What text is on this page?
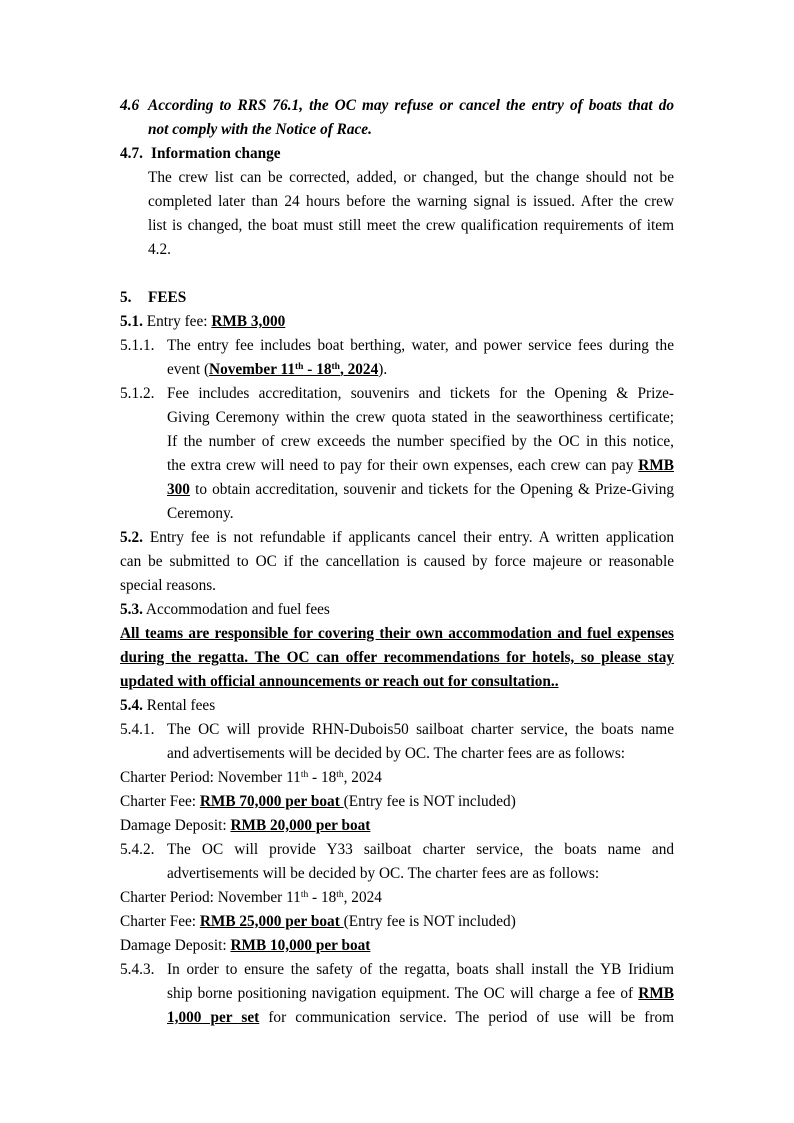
4.6 According to RRS 76.1, the OC may refuse or cancel the entry of boats that do
not comply with the Notice of Race.
4.7. Information change
The crew list can be corrected, added, or changed, but the change should not be
completed later than 24 hours before the warning signal is issued. After the crew
list is changed, the boat must still meet the crew qualification requirements of item
4.2.
5. FEES
5.1. Entry fee: RMB 3,000
5.1.1. The entry fee includes boat berthing, water, and power service fees during the
event (November 11th - 18th, 2024).
5.1.2. Fee includes accreditation, souvenirs and tickets for the Opening & Prize-
Giving Ceremony within the crew quota stated in the seaworthiness certificate;
If the number of crew exceeds the number specified by the OC in this notice,
the extra crew will need to pay for their own expenses, each crew can pay RMB
300 to obtain accreditation, souvenir and tickets for the Opening & Prize-Giving
Ceremony.
5.2. Entry fee is not refundable if applicants cancel their entry. A written application
can be submitted to OC if the cancellation is caused by force majeure or reasonable
special reasons.
5.3. Accommodation and fuel fees
All teams are responsible for covering their own accommodation and fuel expenses
during the regatta. The OC can offer recommendations for hotels, so please stay
updated with official announcements or reach out for consultation..
5.4. Rental fees
5.4.1. The OC will provide RHN-Dubois50 sailboat charter service, the boats name
and advertisements will be decided by OC. The charter fees are as follows:
Charter Period: November 11th - 18th, 2024
Charter Fee: RMB 70,000 per boat (Entry fee is NOT included)
Damage Deposit: RMB 20,000 per boat
5.4.2. The OC will provide Y33 sailboat charter service, the boats name and
advertisements will be decided by OC. The charter fees are as follows:
Charter Period: November 11th - 18th, 2024
Charter Fee: RMB 25,000 per boat (Entry fee is NOT included)
Damage Deposit: RMB 10,000 per boat
5.4.3. In order to ensure the safety of the regatta, boats shall install the YB Iridium
ship borne positioning navigation equipment. The OC will charge a fee of RMB
1,000 per set for communication service. The period of use will be from
